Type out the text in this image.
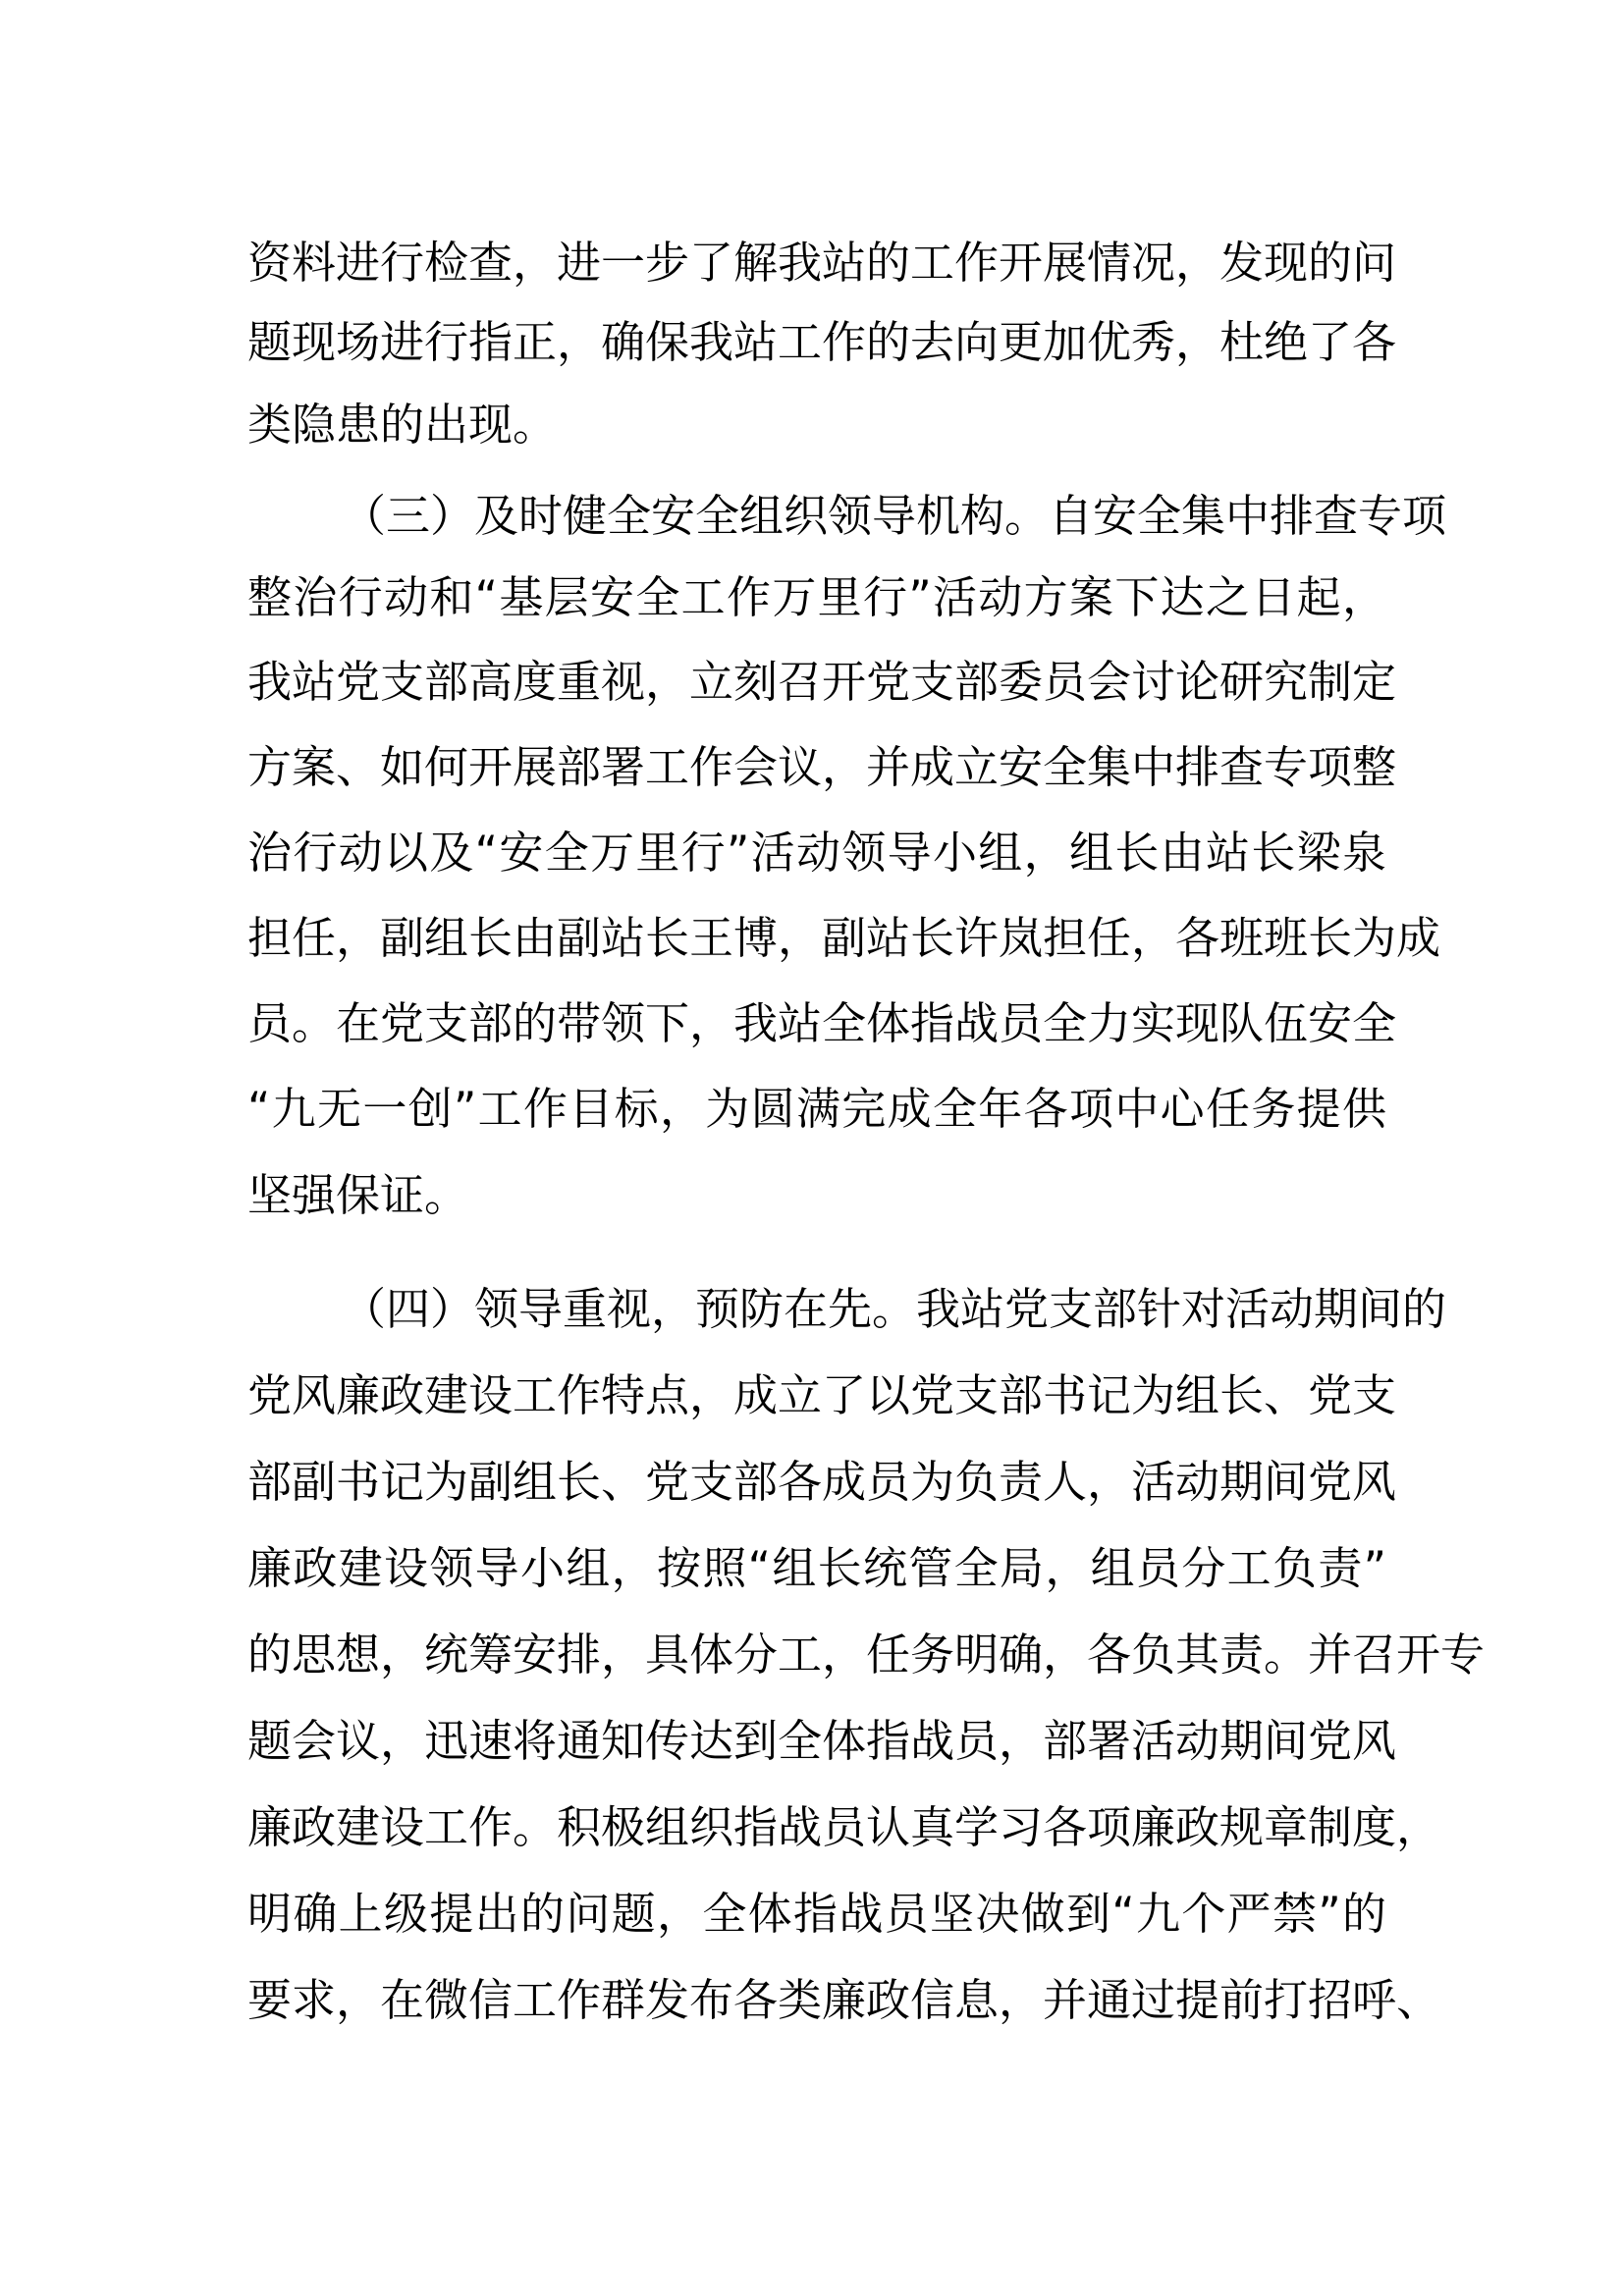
资料进行检查，进一步了解我站的工作开展情况，发现的问
题现场进行指正，确保我站工作的去向更加优秀，杜绝了各
类隐患的出现。
（三）及时健全安全组织领导机构。自安全集中排查专项
整治行动和“基层安全工作万里行”活动方案下达之日起，
我站党支部高度重视，立刻召开党支部委员会讨论研究制定
方案、如何开展部署工作会议，并成立安全集中排查专项整
治行动以及“安全万里行”活动领导小组，组长由站长梁泉
担任，副组长由副站长王博，副站长许岚担任，各班班长为成
员。在党支部的带领下，我站全体指战员全力实现队伍安全
“九无一创”工作目标，为圆满完成全年各项中心任务提供
坚强保证。
（四）领导重视，预防在先。我站党支部针对活动期间的
党风廉政建设工作特点，成立了以党支部书记为组长、党支
部副书记为副组长、党支部各成员为负责人，活动期间党风
廉政建设领导小组，按照“组长统管全局，组员分工负责”
的思想，统筹安排，具体分工，任务明确，各负其责。并召开专
题会议，迅速将通知传达到全体指战员，部署活动期间党风
廉政建设工作。积极组织指战员认真学习各项廉政规章制度，
明确上级提出的问题，全体指战员坚决做到“九个严禁”的
要求，在微信工作群发布各类廉政信息，并通过提前打招呼、
